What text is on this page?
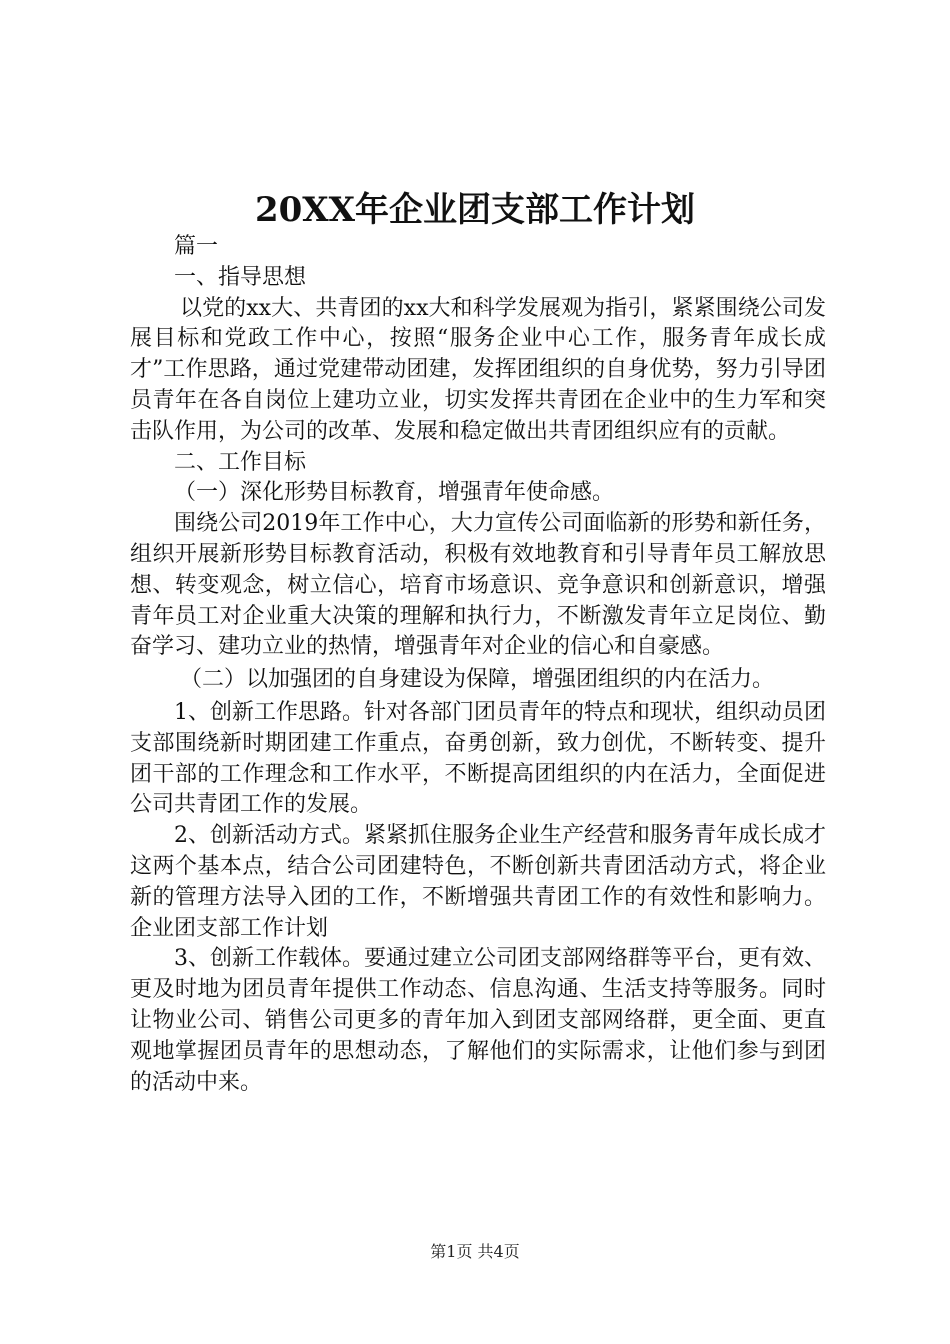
20XX年企业团支部工作计划

篇一

一、指导思想

以党的xx大、共青团的xx大和科学发展观为指引，紧紧围绕公司发展目标和党政工作中心，按照“服务企业中心工作，服务青年成长成才”工作思路，通过党建带动团建，发挥团组织的自身优势，努力引导团员青年在各自岗位上建功立业，切实发挥共青团在企业中的生力军和突击队作用，为公司的改革、发展和稳定做出共青团组织应有的贡献。

二、工作目标

（一）深化形势目标教育，增强青年使命感。

围绕公司2019年工作中心，大力宣传公司面临新的形势和新任务，组织开展新形势目标教育活动，积极有效地教育和引导青年员工解放思想、转变观念，树立信心，培育市场意识、竞争意识和创新意识，增强青年员工对企业重大决策的理解和执行力，不断激发青年立足岗位、勤奋学习、建功立业的热情，增强青年对企业的信心和自豪感。

（二）以加强团的自身建设为保障，增强团组织的内在活力。

1、创新工作思路。针对各部门团员青年的特点和现状，组织动员团支部围绕新时期团建工作重点，奋勇创新，致力创优，不断转变、提升团干部的工作理念和工作水平，不断提高团组织的内在活力，全面促进公司共青团工作的发展。

2、创新活动方式。紧紧抓住服务企业生产经营和服务青年成长成才这两个基本点，结合公司团建特色，不断创新共青团活动方式，将企业新的管理方法导入团的工作，不断增强共青团工作的有效性和影响力。企业团支部工作计划

3、创新工作载体。要通过建立公司团支部网络群等平台，更有效、更及时地为团员青年提供工作动态、信息沟通、生活支持等服务。同时让物业公司、销售公司更多的青年加入到团支部网络群，更全面、更直观地掌握团员青年的思想动态，了解他们的实际需求，让他们参与到团的活动中来。

第1页 共4页
